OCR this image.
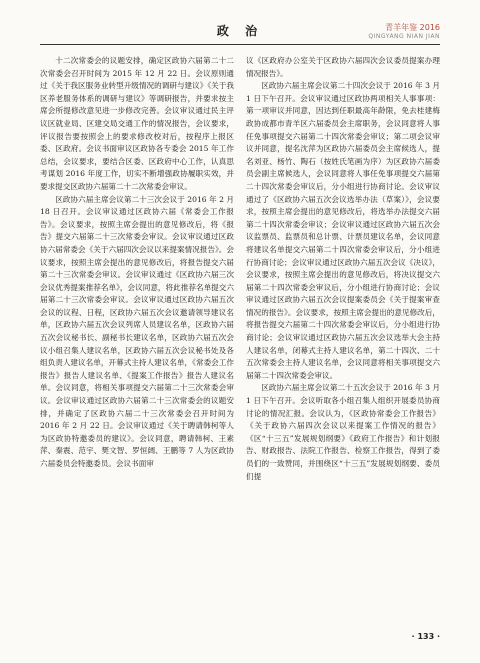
政 治	青羊年鉴 2016
QINGYANG NIAN JIAN

十二次常委会的议题安排，确定区政协六届第二十二次常委会召开时间为 2015 年 12 月 22 日。会议原则通过《关于我区服务业转型升级情况的调研与建议》《关于我区养老服务体系的调研与建议》等调研报告，并要求按主席会所提修改意见进一步修改完善。会议审议通过民主评议区就业局、区建交局交通工作的情况报告，会议要求，评议报告要按照会上的要求修改校对后，按程序上报区委、区政府。会议书面审议区政协各专委会 2015 年工作总结，会议要求，要结合区委、区政府中心工作，认真思考谋划 2016 年度工作，切实不断增强政协履职实效，并要求提交区政协六届第二十二次常委会审议。

区政协六届主席会议第二十三次会议于 2016 年 2 月 18 日召开。会议审议通过区政协六届《常委会工作报告》。会议要求，按照主席会提出的意见修改后，将《报告》提交六届第二十三次常委会审议。会议审议通过区政协六届常委会《关于六届四次会议以来提案情况报告》。会议要求，按照主席会提出的意见修改后，将报告提交六届第二十三次常委会审议。会议审议通过《区政协六届三次会议优秀提案推荐名单》，会议同意，将此推荐名单提交六届第二十三次常委会审议。会议审议通过区政协六届五次会议的议程、日程，区政协六届五次会议邀请领导建议名单，区政协六届五次会议列席人员建议名单，区政协六届五次会议秘书长、副秘书长建议名单，区政协六届五次会议小组召集人建议名单，区政协六届五次会议秘书处及各组负责人建议名单，开幕式主持人建议名单，《常委会工作报告》报告人建议名单、《提案工作报告》报告人建议名单。会议同意，将相关事项提交六届第二十三次常委会审议。会议审议通过区政协六届第二十三次常委会的议题安排，并确定了区政协六届二十三次常委会召开时间为 2016 年 2 月 22 日。会议审议通过《关于聘请韩柯等人为区政协特邀委员的建议》。会议同意，聘请韩柯、王素萍、秦震、范宇、樊文智、罗恒阔、王鹏等 7 人为区政协六届委员会特邀委员。会议书面审

议《区政府办公室关于区政协六届四次会议委员提案办理情况报告》。

区政协六届主席会议第二十四次会议于 2016 年 3 月 1 日下午召开。会议审议通过区政协两项相关人事事项：第一项审议并同意，因达到任职最高年龄限，免去桂建梅政协成都市青羊区六届委员会主席职务，会议同意将人事任免事项提交六届第二十四次常委会审议；第二项会议审议并同意，提名沈萍为区政协六届委员会主席候选人，提名刘亚、杨竹、陶石（按姓氏笔画为序）为区政协六届委员会副主席候选人，会议同意将人事任免事项提交六届第二十四次常委会审议后，分小组进行协商讨论。会议审议通过了《区政协六届五次会议选举办法（草案）》，会议要求，按照主席会提出的意见修改后，将选举办法提交六届第二十四次常委会审议；会议审议通过区政协六届五次会议监票员、监票员和总计票、计票员建议名单，会议同意将建议名单提交六届第二十四次常委会审议后，分小组进行协商讨论；会议审议通过区政协六届五次会议《决议》，会议要求，按照主席会提出的意见修改后，将决议提交六届第二十四次常委会审议后，分小组进行协商讨论；会议审议通过区政协六届五次会议提案委员会《关于提案审查情况的报告》。会议要求，按照主席会提出的意见修改后，将报告提交六届第二十四次常委会审议后，分小组进行协商讨论；会议审议通过区政协六届五次会议选举大会主持人建议名单，闭幕式主持人建议名单，第二十四次、二十五次常委会主持人建议名单，会议同意将相关事项提交六届第二十四次常委会审议。

区政协六届主席会议第二十五次会议于 2016 年 3 月 1 日下午召开。会议听取各小组召集人组织开展委员协商讨论的情况汇报。会议认为，《区政协常委会工作报告》《关于政协六届四次会议以来提案工作情况的报告》《区“十三五”发展规划纲要》《政府工作报告》和计划报告、财政报告、法院工作报告、检察工作报告，得到了委员们的一致赞同，并围绕区“十三五”发展规划纲要、委员们提

· 133 ·
